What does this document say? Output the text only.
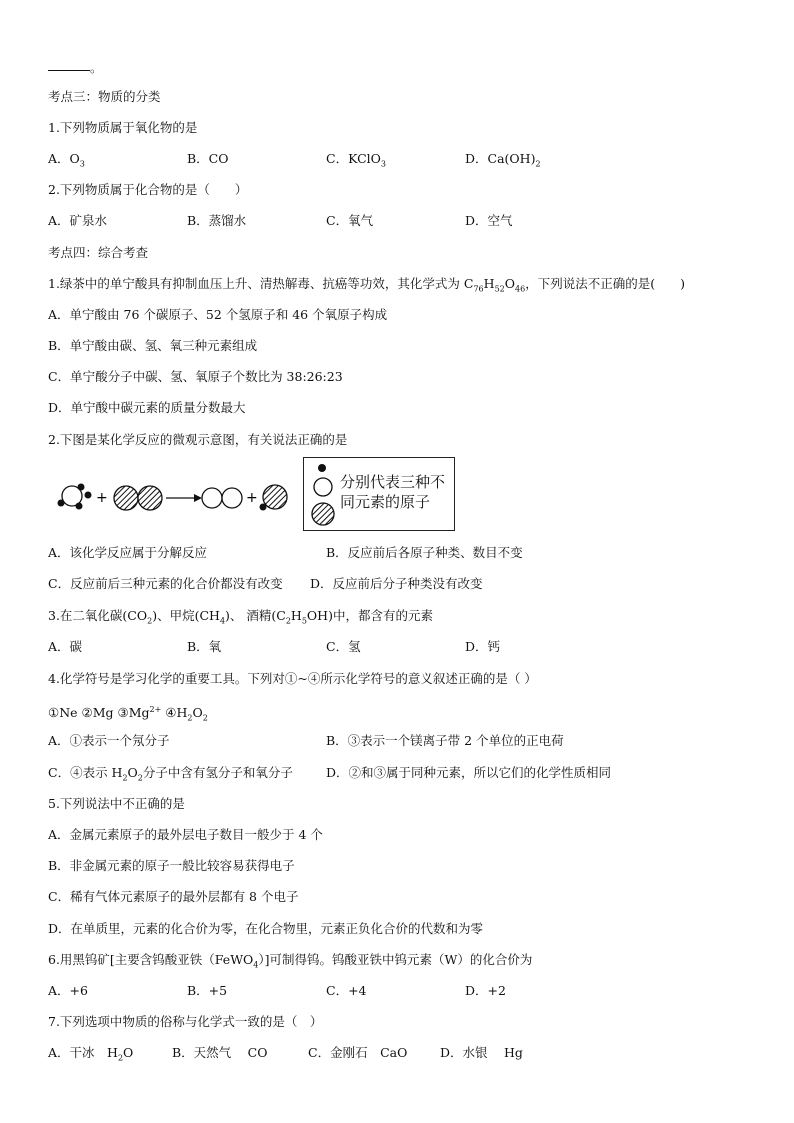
。
考点三：物质的分类
1.下列物质属于氧化物的是
A．$O_3$	B．CO	C．KClO$_3$	D．$Ca(OH)_2$
2.下列物质属于化合物的是（　　）
A．矿泉水	B．蒸馏水	C．氧气	D．空气
考点四：综合考查
1.绿茶中的单宁酸具有抑制血压上升、清热解毒、抗癌等功效，其化学式为 $C_{76}H_{52}O_{46}$，下列说法不正确的是(　　)
A．单宁酸由 76 个碳原子、52 个氢原子和 46 个氧原子构成
B．单宁酸由碳、氢、氧三种元素组成
C．单宁酸分子中碳、氢、氧原子个数比为 38:26:23
D．单宁酸中碳元素的质量分数最大
2.下图是某化学反应的微观示意图，有关说法正确的是
+	+
分别代表三种不同元素的原子
A．该化学反应属于分解反应	B．反应前后各原子种类、数目不变
C．反应前后三种元素的化合价都没有改变 D．反应前后分子种类没有改变
3.在二氧化碳$(CO_2)$、甲烷$(CH_4)$、 酒精$(C_2H_5OH)$中，都含有的元素
A．碳	B．氧	C．氢	D．钙
4.化学符号是学习化学的重要工具。下列对①~④所示化学符号的意义叙述正确的是（ ）
①Ne ②Mg $③Mg^{2+}$ $④H_2O_2$
A．①表示一个氖分子	B．③表示一个镁离子带 2 个单位的正电荷
C．④表示 $H_2O_2$分子中含有氢分子和氧分子	D．②和③属于同种元素，所以它们的化学性质相同
5.下列说法中不正确的是
A．金属元素原子的最外层电子数目一般少于 4 个
B．非金属元素的原子一般比较容易获得电子
C．稀有气体元素原子的最外层都有 8 个电子
D．在单质里，元素的化合价为零，在化合物里，元素正负化合价的代数和为零
6.用黑钨矿[主要含钨酸亚铁（FeWO$_4$）]可制得钨。钨酸亚铁中钨元素（W）的化合价为
A．+6	B．+5	C．+4	D．+2
7.下列选项中物质的俗称与化学式一致的是（　）
A．干冰　$H_2O$	B．天然气　 CO	C．金刚石　CaO	D．水银　 Hg
